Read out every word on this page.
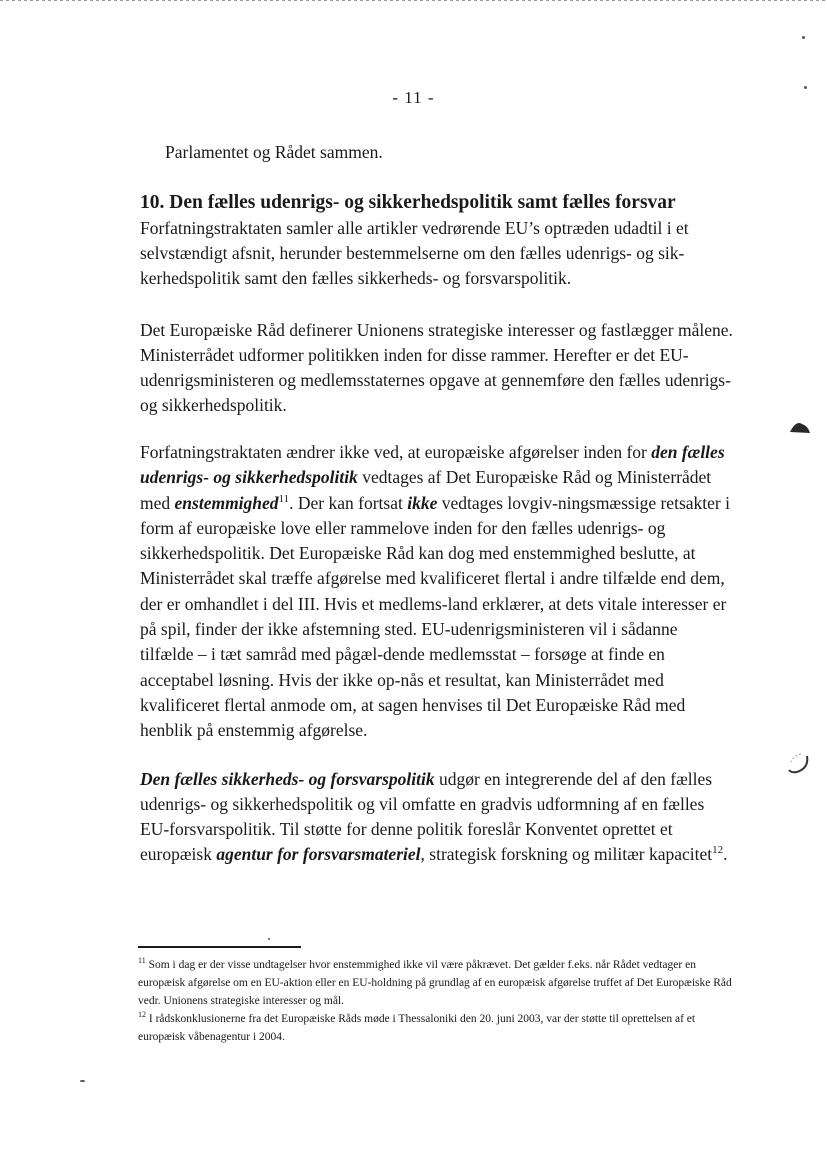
- 11 -
Parlamentet og Rådet sammen.
10. Den fælles udenrigs- og sikkerhedspolitik samt fælles forsvar

Forfatningstraktaten samler alle artikler vedrørende EU’s optræden udadtil i et selvstændigt afsnit, herunder bestemmelserne om den fælles udenrigs- og sik-kerhedspolitik samt den fælles sikkerheds- og forsvarspolitik.

Det Europæiske Råd definerer Unionens strategiske interesser og fastlægger målene. Ministerrådet udformer politikken inden for disse rammer. Herefter er det EU-udenrigsministeren og medlemsstaternes opgave at gennemføre den fælles udenrigs- og sikkerhedspolitik.

Forfatningstraktaten ændrer ikke ved, at europæiske afgørelser inden for den fælles udenrigs- og sikkerhedspolitik vedtages af Det Europæiske Råd og Ministerrådet med enstemmighed$^{11}$. Der kan fortsat ikke vedtages lovgiv-ningsmæssige retsakter i form af europæiske love eller rammelove inden for den fælles udenrigs- og sikkerhedspolitik. Det Europæiske Råd kan dog med enstemmighed beslutte, at Ministerrådet skal træffe afgørelse med kvalificeret flertal i andre tilfælde end dem, der er omhandlet i del III. Hvis et medlems-land erklærer, at dets vitale interesser er på spil, finder der ikke afstemning sted. EU-udenrigsministeren vil i sådanne tilfælde – i tæt samråd med pågæl-dende medlemsstat – forsøge at finde en acceptabel løsning. Hvis der ikke op-nås et resultat, kan Ministerrådet med kvalificeret flertal anmode om, at sagen henvises til Det Europæiske Råd med henblik på enstemmig afgørelse.

Den fælles sikkerheds- og forsvarspolitik udgør en integrerende del af den fælles udenrigs- og sikkerhedspolitik og vil omfatte en gradvis udformning af en fælles EU-forsvarspolitik. Til støtte for denne politik foreslår Konventet oprettet et europæisk agentur for forsvarsmateriel, strategisk forskning og militær kapacitet$^{12}$.

$^{11}$ Som i dag er der visse undtagelser hvor enstemmighed ikke vil være påkrævet. Det gælder f.eks. når Rådet vedtager en europæisk afgørelse om en EU-aktion eller en EU-holdning på grundlag af en europæisk afgørelse truffet af Det Europæiske Råd vedr. Unionens strategiske interesser og mål.

$^{12}$ I rådskonklusionerne fra det Europæiske Råds møde i Thessaloniki den 20. juni 2003, var der støtte til oprettelsen af et europæisk våbenagentur i 2004.
